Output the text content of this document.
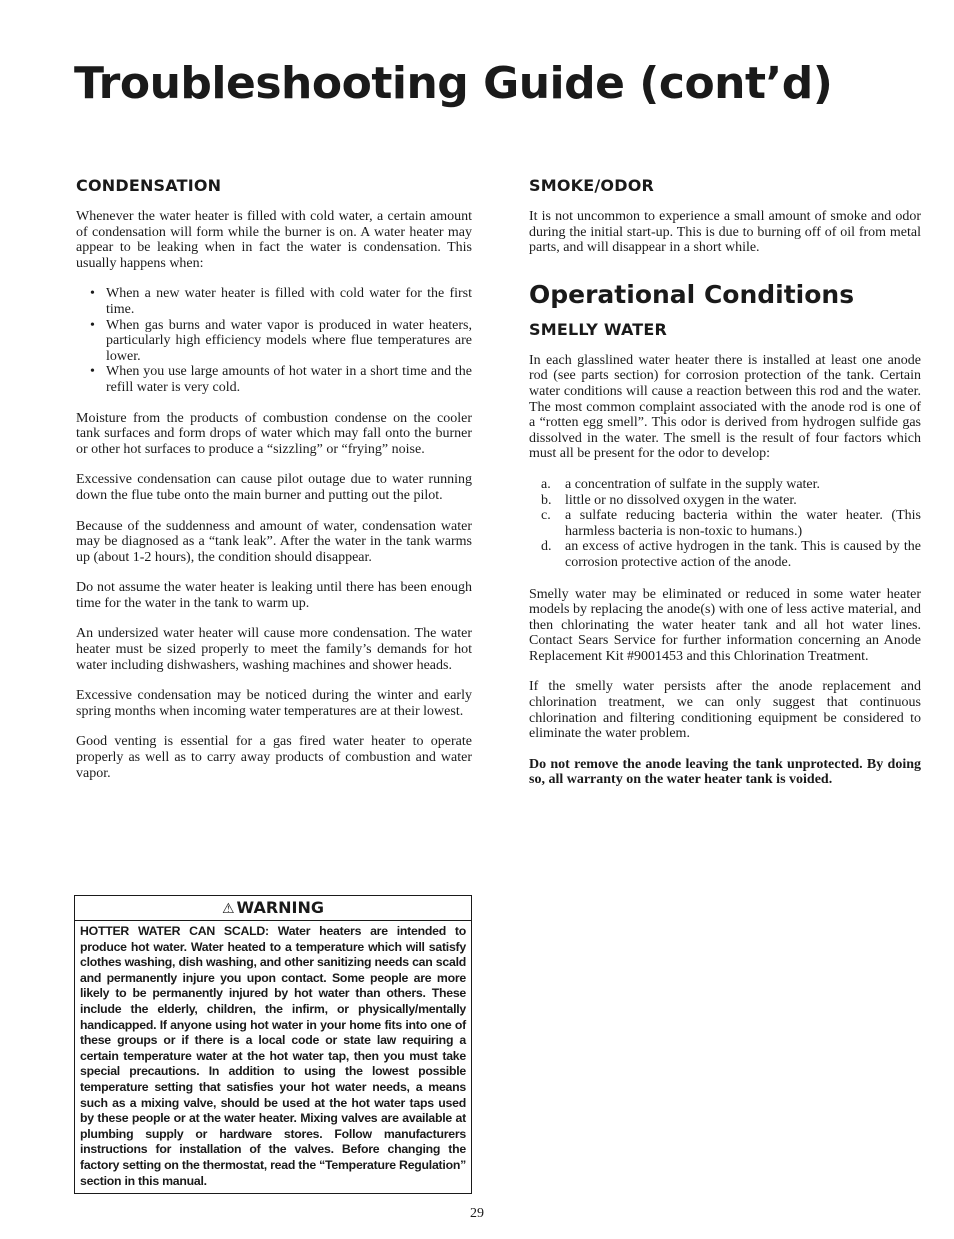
Troubleshooting Guide (cont’d)
CONDENSATION

Whenever the water heater is filled with cold water, a certain amount of condensation will form while the burner is on. A water heater may appear to be leaking when in fact the water is condensation. This usually happens when:

• When a new water heater is filled with cold water for the first time.
• When gas burns and water vapor is produced in water heaters, particularly high efficiency models where flue temperatures are lower.
• When you use large amounts of hot water in a short time and the refill water is very cold.

Moisture from the products of combustion condense on the cooler tank surfaces and form drops of water which may fall onto the burner or other hot surfaces to produce a “sizzling” or “frying” noise.

Excessive condensation can cause pilot outage due to water running down the flue tube onto the main burner and putting out the pilot.

Because of the suddenness and amount of water, condensation water may be diagnosed as a “tank leak”. After the water in the tank warms up (about 1-2 hours), the condition should disappear.

Do not assume the water heater is leaking until there has been enough time for the water in the tank to warm up.

An undersized water heater will cause more condensation. The water heater must be sized properly to meet the family’s demands for hot water including dishwashers, washing machines and shower heads.

Excessive condensation may be noticed during the winter and early spring months when incoming water temperatures are at their lowest.

Good venting is essential for a gas fired water heater to operate properly as well as to carry away products of combustion and water vapor.

⚠ WARNING

HOTTER WATER CAN SCALD: Water heaters are intended to produce hot water. Water heated to a temperature which will satisfy clothes washing, dish washing, and other sanitizing needs can scald and permanently injure you upon contact. Some people are more likely to be permanently injured by hot water than others. These include the elderly, children, the infirm, or physically/mentally handicapped. If anyone using hot water in your home fits into one of these groups or if there is a local code or state law requiring a certain temperature water at the hot water tap, then you must take special precautions. In addition to using the lowest possible temperature setting that satisfies your hot water needs, a means such as a mixing valve, should be used at the hot water taps used by these people or at the water heater. Mixing valves are available at plumbing supply or hardware stores. Follow manufacturers instructions for installation of the valves. Before changing the factory setting on the thermostat, read the “Temperature Regulation” section in this manual.

SMOKE/ODOR

It is not uncommon to experience a small amount of smoke and odor during the initial start-up. This is due to burning off of oil from metal parts, and will disappear in a short while.

Operational Conditions
SMELLY WATER

In each glasslined water heater there is installed at least one anode rod (see parts section) for corrosion protection of the tank. Certain water conditions will cause a reaction between this rod and the water. The most common complaint associated with the anode rod is one of a “rotten egg smell”. This odor is derived from hydrogen sulfide gas dissolved in the water. The smell is the result of four factors which must all be present for the odor to develop:

a. a concentration of sulfate in the supply water.
b. little or no dissolved oxygen in the water.
c. a sulfate reducing bacteria within the water heater. (This harmless bacteria is non-toxic to humans.)
d. an excess of active hydrogen in the tank. This is caused by the corrosion protective action of the anode.

Smelly water may be eliminated or reduced in some water heater models by replacing the anode(s) with one of less active material, and then chlorinating the water heater tank and all hot water lines. Contact Sears Service for further information concerning an Anode Replacement Kit #9001453 and this Chlorination Treatment.

If the smelly water persists after the anode replacement and chlorination treatment, we can only suggest that continuous chlorination and filtering conditioning equipment be considered to eliminate the water problem.

Do not remove the anode leaving the tank unprotected. By doing so, all warranty on the water heater tank is voided.

29
